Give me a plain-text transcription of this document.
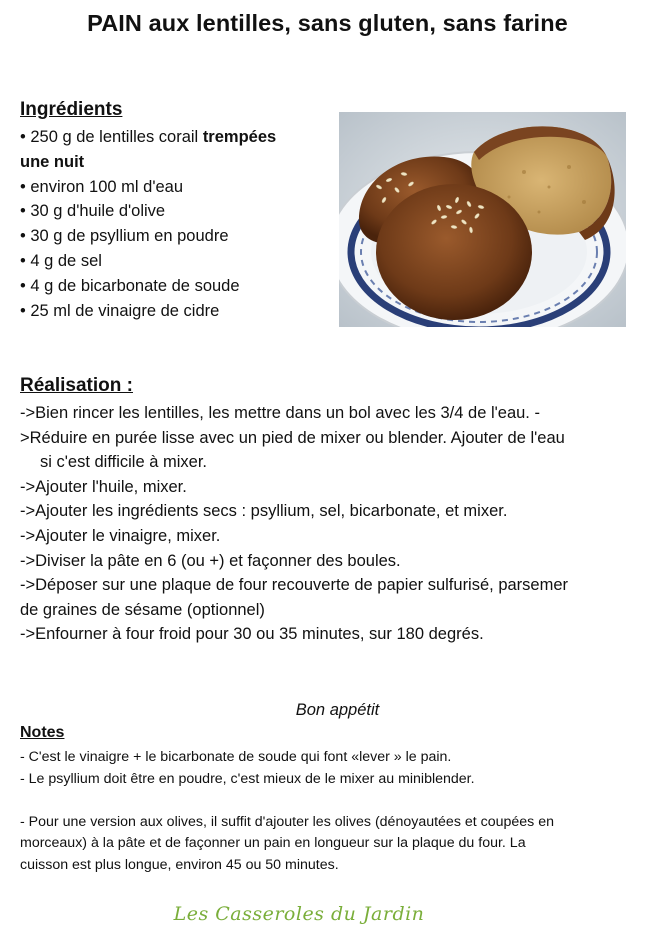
PAIN aux lentilles, sans gluten, sans farine
Ingrédients
• 250 g de lentilles corail trempées
une nuit
• environ 100 ml d'eau
• 30 g d'huile d'olive
• 30 g de psyllium en poudre
• 4 g de sel
• 4 g de bicarbonate de soude
• 25 ml de vinaigre de cidre
Réalisation :
->Bien rincer les lentilles, les mettre dans un bol avec les 3/4 de l'eau. -
>Réduire en purée lisse avec un pied de mixer ou blender. Ajouter de l'eau
si c'est difficile à mixer.
->Ajouter l'huile, mixer.
->Ajouter les ingrédients secs : psyllium, sel, bicarbonate, et mixer.
->Ajouter le vinaigre, mixer.
->Diviser la pâte en 6 (ou +) et façonner des boules.
->Déposer sur une plaque de four recouverte de papier sulfurisé, parsemer
de graines de sésame (optionnel)
->Enfourner à four froid pour 30 ou 35 minutes, sur 180 degrés.
Bon appétit
Notes
- C'est le vinaigre + le bicarbonate de soude qui font «lever » le pain.
- Le psyllium doit être en poudre, c'est mieux de le mixer au miniblender.
- Pour une version aux olives, il suffit d'ajouter les olives (dénoyautées et coupées en
morceaux) à la pâte et de façonner un pain en longueur sur la plaque du four. La
cuisson est plus longue, environ 45 ou 50 minutes.
Les Casseroles du Jardin
